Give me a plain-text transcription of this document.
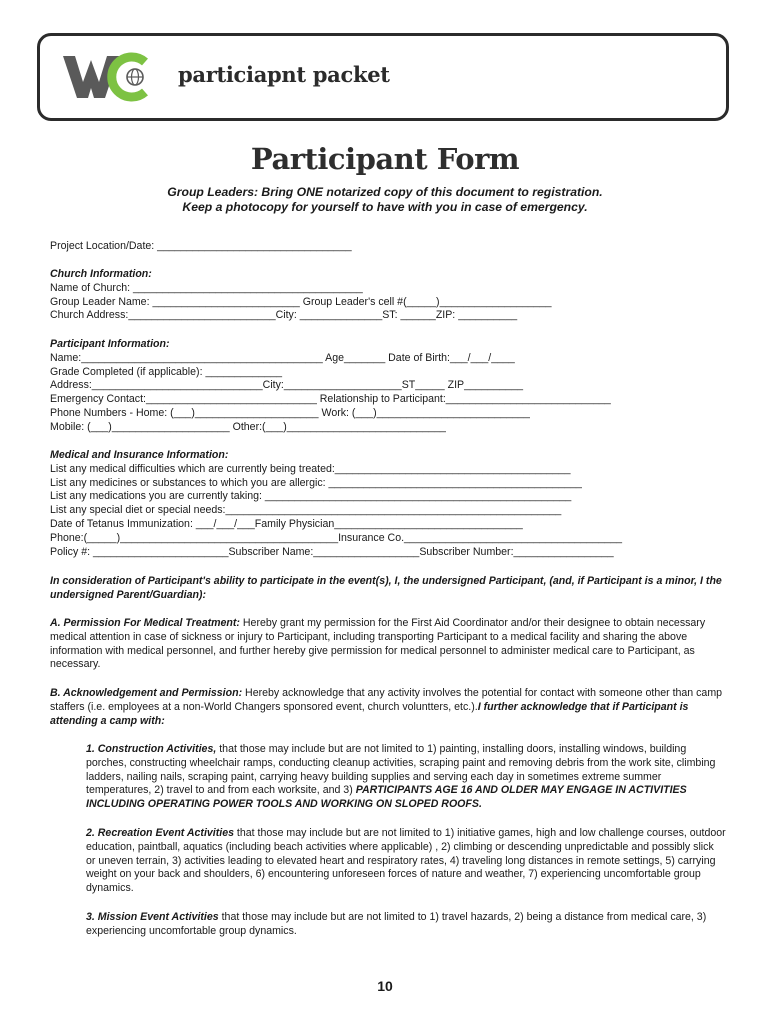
particiapnt packet
Participant Form
Group Leaders: Bring ONE notarized copy of this document to registration.
Keep a photocopy for yourself to have with you in case of emergency.
Project Location/Date: _________________________________
Church Information:
Name of Church: _______________________________________
Group Leader Name: _________________________ Group Leader's cell #(_____)___________________
Church Address:_________________________City: ______________ST: ______ZIP: __________
Participant Information:
Name:_________________________________________ Age_______ Date of Birth:___/___/____
Grade Completed (if applicable): _____________
Address:_____________________________City:____________________ST_____ ZIP__________
Emergency Contact:_____________________________ Relationship to Participant:____________________________
Phone Numbers - Home: (___)_____________________ Work: (___)__________________________
Mobile: (___)____________________ Other:(___)___________________________
Medical and Insurance Information:
List any medical difficulties which are currently being treated:________________________________________
List any medicines or substances to which you are allergic: ___________________________________________
List any medications you are currently taking: ____________________________________________________
List any special diet or special needs:_________________________________________________________
Date of Tetanus Immunization: ___/___/___Family Physician________________________________
Phone:(_____)_____________________________________Insurance Co._____________________________________
Policy #: _______________________Subscriber Name:__________________Subscriber Number:_________________
In consideration of Participant's ability to participate in the event(s), I, the undersigned Participant, (and, if Participant is a minor, I the undersigned Parent/Guardian):
A. Permission For Medical Treatment: Hereby grant my permission for the First Aid Coordinator and/or their designee to obtain necessary medical attention in case of sickness or injury to Participant, including transporting Participant to a medical facility and sharing the above information with medical personnel, and further hereby give permission for medical personnel to administer medical care to Participant, as necessary.
B. Acknowledgement and Permission: Hereby acknowledge that any activity involves the potential for contact with someone other than camp staffers (i.e. employees at a non-World Changers sponsored event, church voluntters, etc.).I further acknowledge that if Participant is attending a camp with:
1. Construction Activities, that those may include but are not limited to 1) painting, installing doors, installing windows, building porches, constructing wheelchair ramps, conducting cleanup activities, scraping paint and removing debris from the work site, climbing ladders, nailing nails, scraping paint, carrying heavy building supplies and serving each day in sometimes extreme summer temperatures, 2) travel to and from each worksite, and 3) PARTICIPANTS AGE 16 AND OLDER MAY ENGAGE IN ACTIVITIES INCLUDING OPERATING POWER TOOLS AND WORKING ON SLOPED ROOFS.
2. Recreation Event Activities that those may include but are not limited to 1) initiative games, high and low challenge courses, outdoor education, paintball, aquatics (including beach activities where applicable) , 2) climbing or descending unpredictable and possibly slick or uneven terrain, 3) activities leading to elevated heart and respiratory rates, 4) traveling long distances in remote settings, 5) carrying weight on your back and shoulders, 6) encountering unforeseen forces of nature and weather, 7) experiencing uncomfortable group dynamics.
3. Mission Event Activities that those may include but are not limited to 1) travel hazards, 2) being a distance from medical care, 3) experiencing uncomfortable group dynamics.
10
